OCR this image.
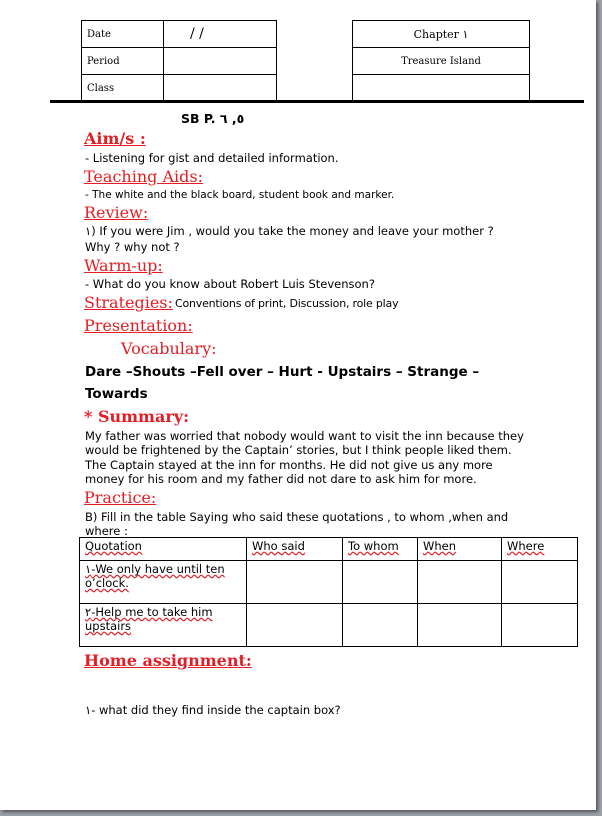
Date	/ /
Period	
Class	
Chapter ١
Treasure Island

SB P. ٥, ٦
Aim/s :
- Listening for gist and detailed information.
Teaching Aids:
- The white and the black board, student book and marker.
Review:
١) If you were Jim , would you take the money and leave your mother ?
Why ? why not ?
Warm-up:
- What do you know about Robert Luis Stevenson?
Strategies: Conventions of print, Discussion, role play
Presentation:
Vocabulary:
Dare –Shouts –Fell over – Hurt - Upstairs – Strange –
Towards
* Summary:
My father was worried that nobody would want to visit the inn because they
would be frightened by the Captain’ stories, but I think people liked them.
The Captain stayed at the inn for months. He did not give us any more
money for his room and my father did not dare to ask him for more.
Practice:
B) Fill in the table Saying who said these quotations , to whom ,when and
where :
Quotation	Who said	To whom	When	Where

١-We only have until ten
o’clock.				

٢-Help me to take him
upstairs				

Home assignment:
١- what did they find inside the captain box?
